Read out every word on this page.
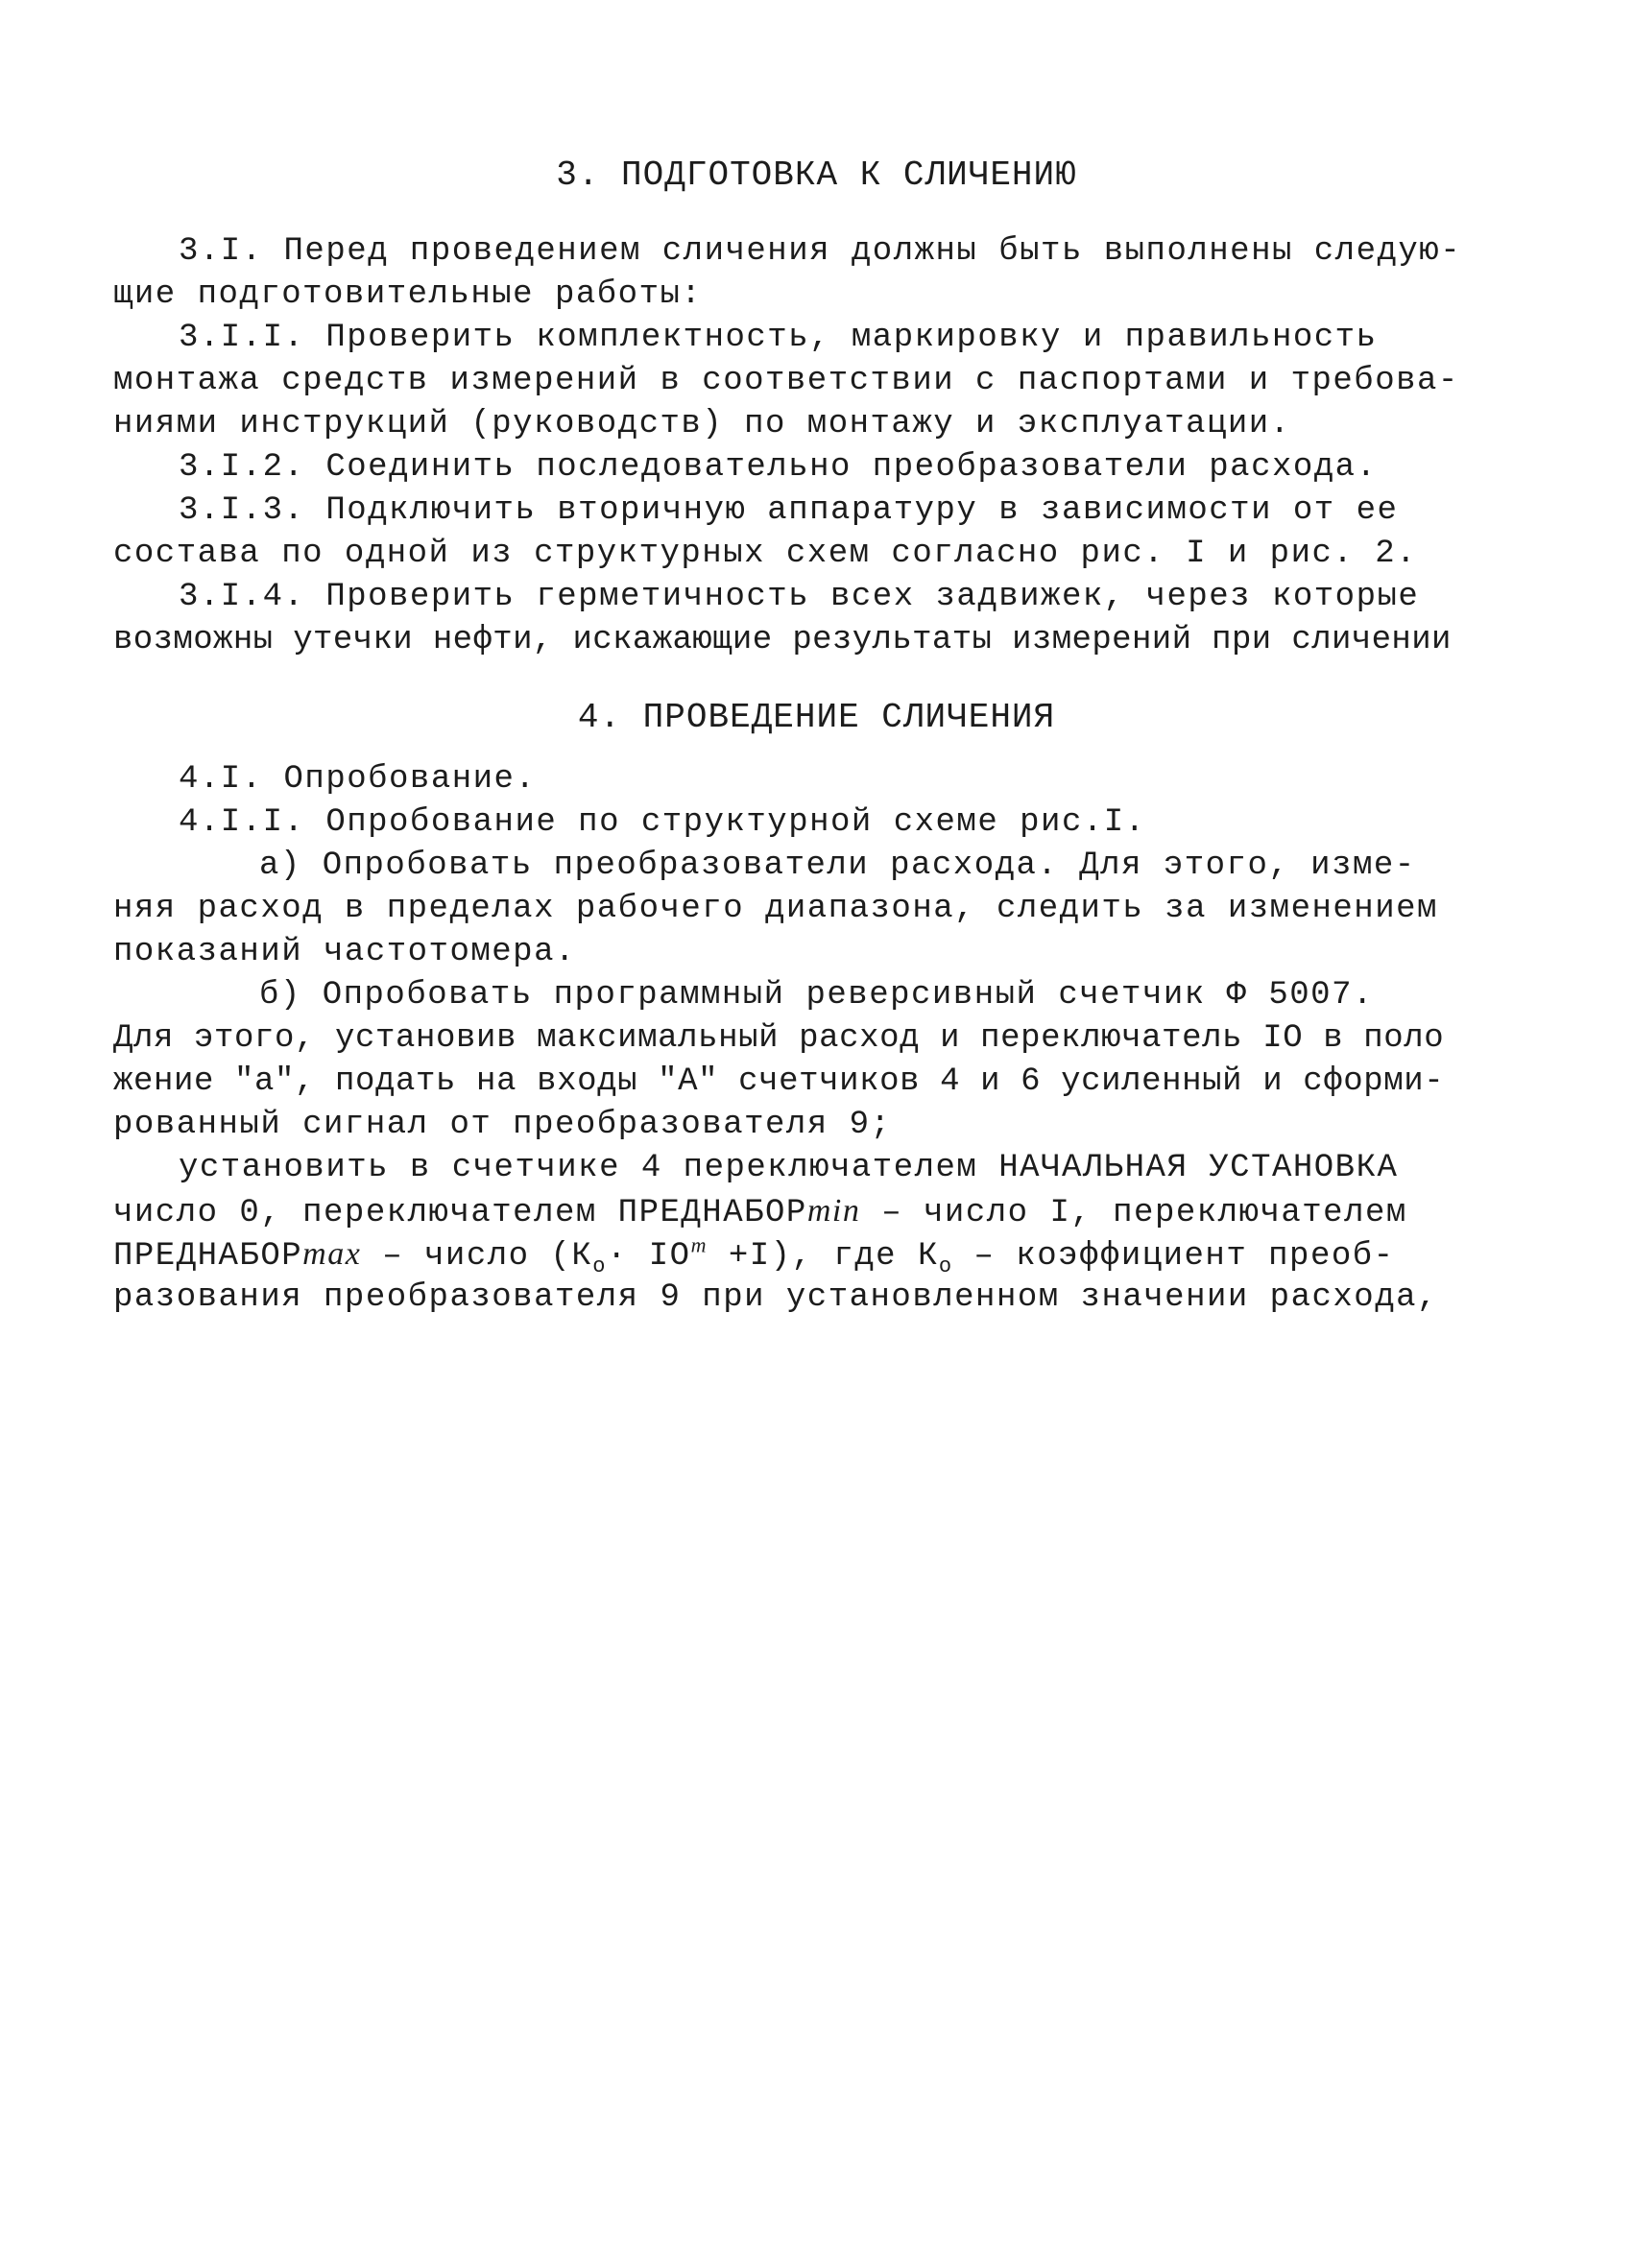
3. ПОДГОТОВКА К СЛИЧЕНИЮ
3.I. Перед проведением сличения должны быть выполнены следую-
щие подготовительные работы:
3.I.I. Проверить комплектность, маркировку и правильность
монтажа средств измерений в соответствии с паспортами и требова-
ниями инструкций (руководств) по монтажу и эксплуатации.
3.I.2. Соединить последовательно преобразователи расхода.
3.I.3. Подключить вторичную аппаратуру в зависимости от ее
состава по одной из структурных схем согласно рис. I и рис. 2.
3.I.4. Проверить герметичность всех задвижек, через которые
возможны утечки нефти, искажающие результаты измерений при сличении
4. ПРОВЕДЕНИЕ СЛИЧЕНИЯ
4.I. Опробование.
4.I.I. Опробование по структурной схеме рис.I.
а) Опробовать преобразователи расхода. Для этого, изме-
няя расход в пределах рабочего диапазона, следить за изменением
показаний частотомера.
б) Опробовать программный реверсивный счетчик Ф 5007.
Для этого, установив максимальный расход и переключатель IO в поло
жение "а", подать на входы "А" счетчиков 4 и 6 усиленный и сформи-
рованный сигнал от преобразователя 9;
установить в счетчике 4 переключателем НАЧАЛЬНАЯ УСТАНОВКА
число 0, переключателем ПРЕДНАБОРmin – число I, переключателем
ПРЕДНАБОРmax – число $(К_о\cdot IO^m +I)$, где $К_о$ – коэффициент преоб-
разования преобразователя 9 при установленном значении расхода,
